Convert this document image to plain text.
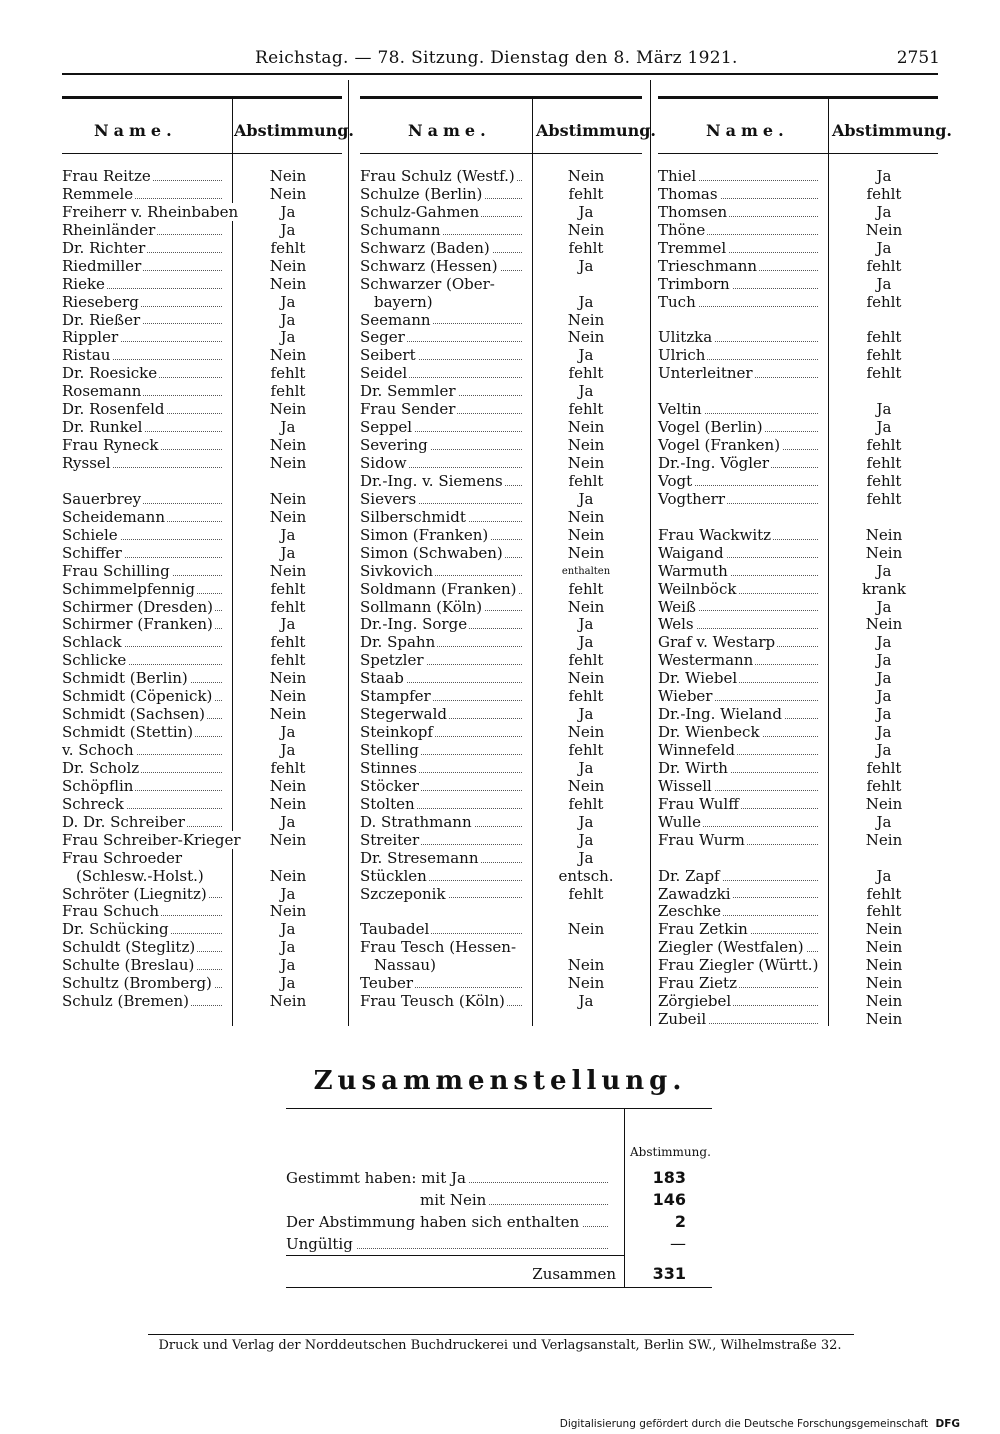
Reichstag. — 78. Sitzung. Dienstag den 8. März 1921.	2751
Name.	Abstimmung.
Frau Reitze	Nein
Remmele	Nein
Freiherr v. Rheinbaben	Ja
Rheinländer	Ja
Dr. Richter	fehlt
Riedmiller	Nein
Rieke	Nein
Rieseberg	Ja
Dr. Rießer	Ja
Rippler	Ja
Ristau	Nein
Dr. Roesicke	fehlt
Rosemann	fehlt
Dr. Rosenfeld	Nein
Dr. Runkel	Ja
Frau Ryneck	Nein
Ryssel	Nein
Sauerbrey	Nein
Scheidemann	Nein
Schiele	Ja
Schiffer	Ja
Frau Schilling	Nein
Schimmelpfennig	fehlt
Schirmer (Dresden)	fehlt
Schirmer (Franken)	Ja
Schlack	fehlt
Schlicke	fehlt
Schmidt (Berlin)	Nein
Schmidt (Cöpenick)	Nein
Schmidt (Sachsen)	Nein
Schmidt (Stettin)	Ja
v. Schoch	Ja
Dr. Scholz	fehlt
Schöpflin	Nein
Schreck	Nein
D. Dr. Schreiber	Ja
Frau Schreiber-Krieger	Nein
Frau Schroeder
(Schlesw.-Holst.)	Nein
Schröter (Liegnitz)	Ja
Frau Schuch	Nein
Dr. Schücking	Ja
Schuldt (Steglitz)	Ja
Schulte (Breslau)	Ja
Schultz (Bromberg)	Ja
Schulz (Bremen)	Nein
Name.	Abstimmung.
Frau Schulz (Westf.)	Nein
Schulze (Berlin)	fehlt
Schulz-Gahmen	Ja
Schumann	Nein
Schwarz (Baden)	fehlt
Schwarz (Hessen)	Ja
Schwarzer (Ober-
bayern)	Ja
Seemann	Nein
Seger	Nein
Seibert	Ja
Seidel	fehlt
Dr. Semmler	Ja
Frau Sender	fehlt
Seppel	Nein
Severing	Nein
Sidow	Nein
Dr.-Ing. v. Siemens	fehlt
Sievers	Ja
Silberschmidt	Nein
Simon (Franken)	Nein
Simon (Schwaben)	Nein
Sivkovich	enthalten
Soldmann (Franken)	fehlt
Sollmann (Köln)	Nein
Dr.-Ing. Sorge	Ja
Dr. Spahn	Ja
Spetzler	fehlt
Staab	Nein
Stampfer	fehlt
Stegerwald	Ja
Steinkopf	Nein
Stelling	fehlt
Stinnes	Ja
Stöcker	Nein
Stolten	fehlt
D. Strathmann	Ja
Streiter	Ja
Dr. Stresemann	Ja
Stücklen	entsch.
Szczeponik	fehlt
Taubadel	Nein
Frau Tesch (Hessen-
Nassau)	Nein
Teuber	Nein
Frau Teusch (Köln)	Ja
Name.	Abstimmung.
Thiel	Ja
Thomas	fehlt
Thomsen	Ja
Thöne	Nein
Tremmel	Ja
Trieschmann	fehlt
Trimborn	Ja
Tuch	fehlt
Ulitzka	fehlt
Ulrich	fehlt
Unterleitner	fehlt
Veltin	Ja
Vogel (Berlin)	Ja
Vogel (Franken)	fehlt
Dr.-Ing. Vögler	fehlt
Vogt	fehlt
Vogtherr	fehlt
Frau Wackwitz	Nein
Waigand	Nein
Warmuth	Ja
Weilnböck	krank
Weiß	Ja
Wels	Nein
Graf v. Westarp	Ja
Westermann	Ja
Dr. Wiebel	Ja
Wieber	Ja
Dr.-Ing. Wieland	Ja
Dr. Wienbeck	Ja
Winnefeld	Ja
Dr. Wirth	fehlt
Wissell	fehlt
Frau Wulff	Nein
Wulle	Ja
Frau Wurm	Nein
Dr. Zapf	Ja
Zawadzki	fehlt
Zeschke	fehlt
Frau Zetkin	Nein
Ziegler (Westfalen)	Nein
Frau Ziegler (Württ.)	Nein
Frau Zietz	Nein
Zörgiebel	Nein
Zubeil	Nein
Zusammenstellung.
Abstimmung.
Gestimmt haben: mit Ja	183
mit Nein	146
Der Abstimmung haben sich enthalten	2
Ungültig	—
Zusammen	331
Druck und Verlag der Norddeutschen Buchdruckerei und Verlagsanstalt, Berlin SW., Wilhelmstraße 32.
Digitalisierung gefördert durch die Deutsche Forschungsgemeinschaft DFG
